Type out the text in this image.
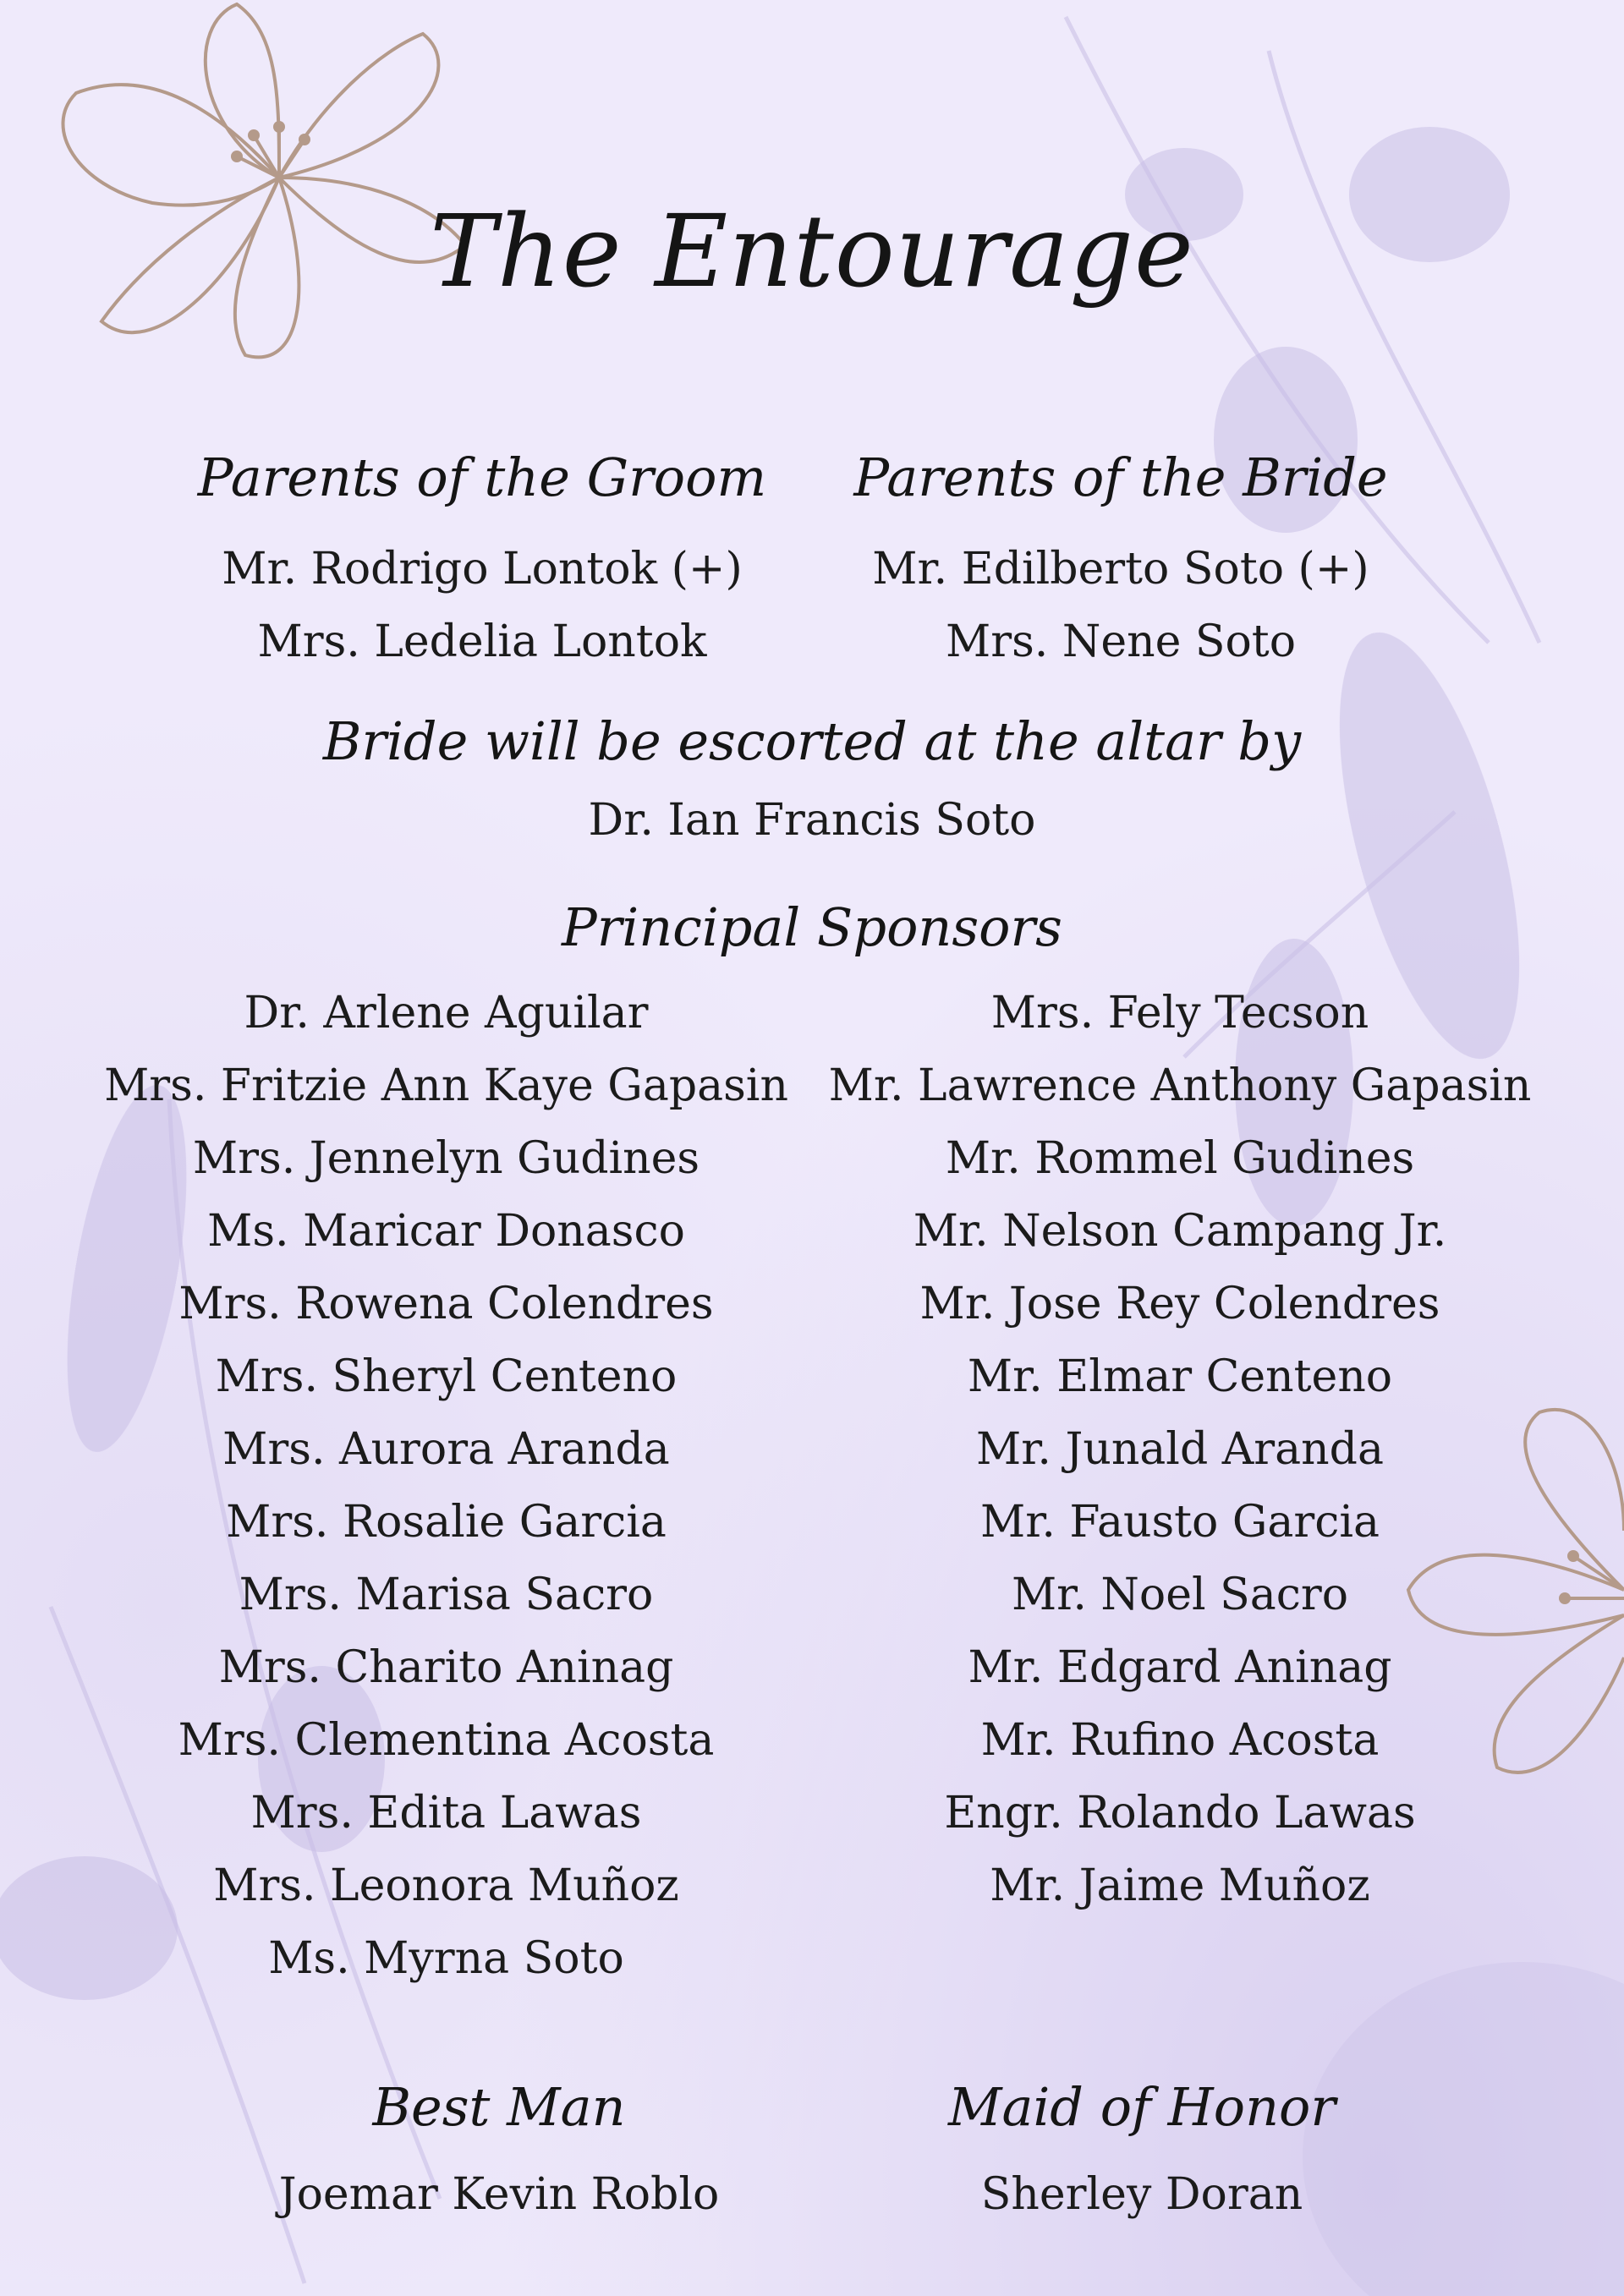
The Entourage
Parents of the Groom
Mr. Rodrigo Lontok (+)
Mrs. Ledelia Lontok
Parents of the Bride
Mr. Edilberto Soto (+)
Mrs. Nene Soto
Bride will be escorted at the altar by
Dr. Ian Francis Soto
Principal Sponsors
Dr. Arlene Aguilar
Mrs. Fritzie Ann Kaye Gapasin
Mrs. Jennelyn Gudines
Ms. Maricar Donasco
Mrs. Rowena Colendres
Mrs. Sheryl Centeno
Mrs. Aurora Aranda
Mrs. Rosalie Garcia
Mrs. Marisa Sacro
Mrs. Charito Aninag
Mrs. Clementina Acosta
Mrs. Edita Lawas
Mrs. Leonora Muñoz
Ms. Myrna Soto
Mrs. Fely Tecson
Mr. Lawrence Anthony Gapasin
Mr. Rommel Gudines
Mr. Nelson Campang Jr.
Mr. Jose Rey Colendres
Mr. Elmar Centeno
Mr. Junald Aranda
Mr. Fausto Garcia
Mr. Noel Sacro
Mr. Edgard Aninag
Mr. Rufino Acosta
Engr. Rolando Lawas
Mr. Jaime Muñoz
Best Man
Joemar Kevin Roblo
Maid of Honor
Sherley Doran
